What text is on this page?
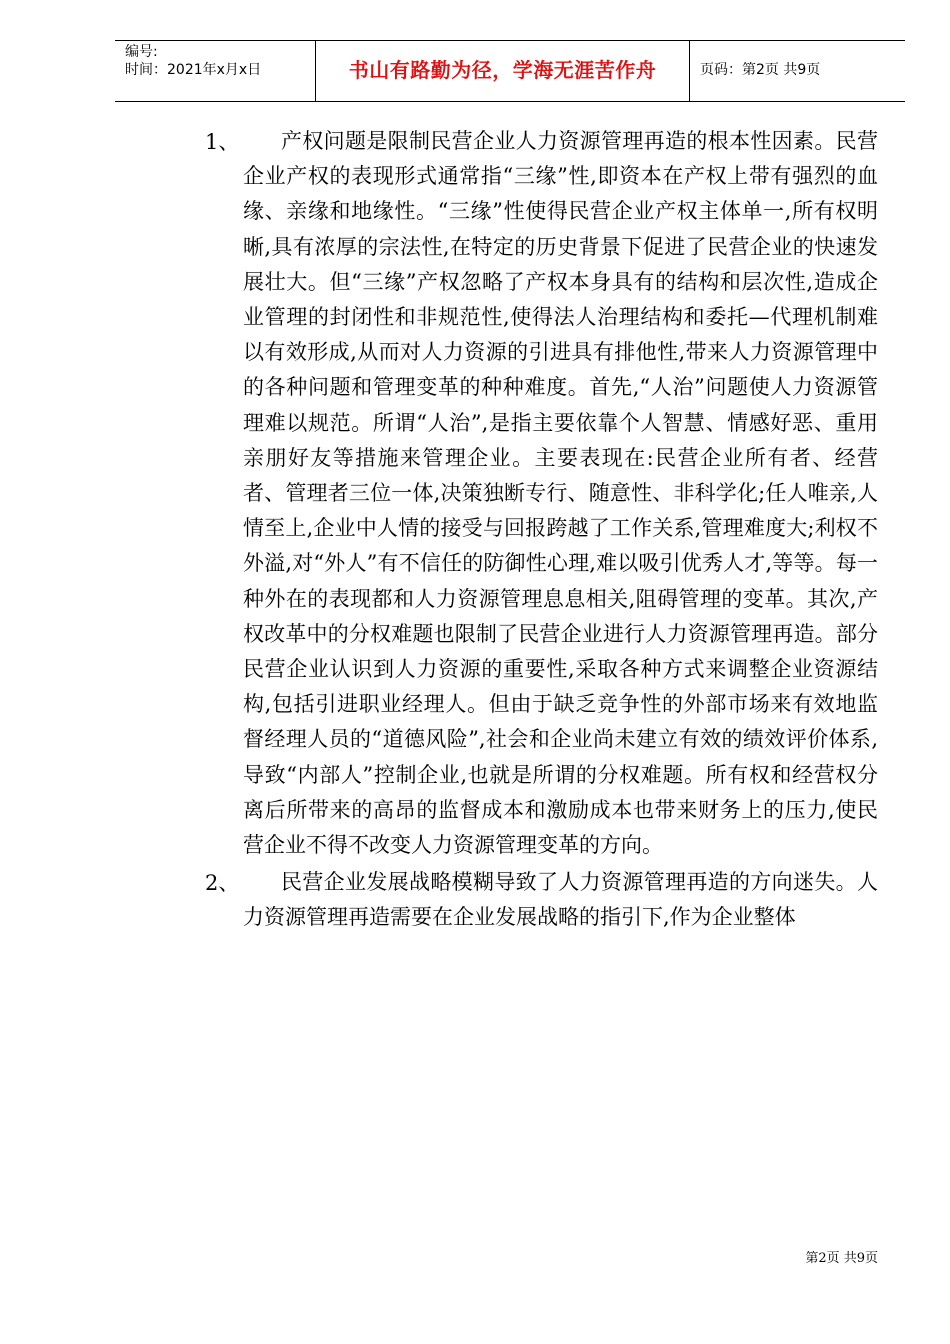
编号:
时间：2021年x月x日	书山有路勤为径，学海无涯苦作舟	页码：第2页 共9页
1、	产权问题是限制民营企业人力资源管理再造的根本性因素。民营企业产权的表现形式通常指“三缘”性,即资本在产权上带有强烈的血缘、亲缘和地缘性。“三缘”性使得民营企业产权主体单一,所有权明晰,具有浓厚的宗法性,在特定的历史背景下促进了民营企业的快速发展壮大。但“三缘”产权忽略了产权本身具有的结构和层次性,造成企业管理的封闭性和非规范性,使得法人治理结构和委托—代理机制难以有效形成,从而对人力资源的引进具有排他性,带来人力资源管理中的各种问题和管理变革的种种难度。首先,“人治”问题使人力资源管理难以规范。所谓“人治”,是指主要依靠个人智慧、情感好恶、重用亲朋好友等措施来管理企业。主要表现在:民营企业所有者、经营者、管理者三位一体,决策独断专行、随意性、非科学化;任人唯亲,人情至上,企业中人情的接受与回报跨越了工作关系,管理难度大;利权不外溢,对“外人”有不信任的防御性心理,难以吸引优秀人才,等等。每一种外在的表现都和人力资源管理息息相关,阻碍管理的变革。其次,产权改革中的分权难题也限制了民营企业进行人力资源管理再造。部分民营企业认识到人力资源的重要性,采取各种方式来调整企业资源结构,包括引进职业经理人。但由于缺乏竞争性的外部市场来有效地监督经理人员的“道德风险”,社会和企业尚未建立有效的绩效评价体系,导致“内部人”控制企业,也就是所谓的分权难题。所有权和经营权分离后所带来的高昂的监督成本和激励成本也带来财务上的压力,使民营企业不得不改变人力资源管理变革的方向。

2、	民营企业发展战略模糊导致了人力资源管理再造的方向迷失。人力资源管理再造需要在企业发展战略的指引下,作为企业整体

第2页 共9页
